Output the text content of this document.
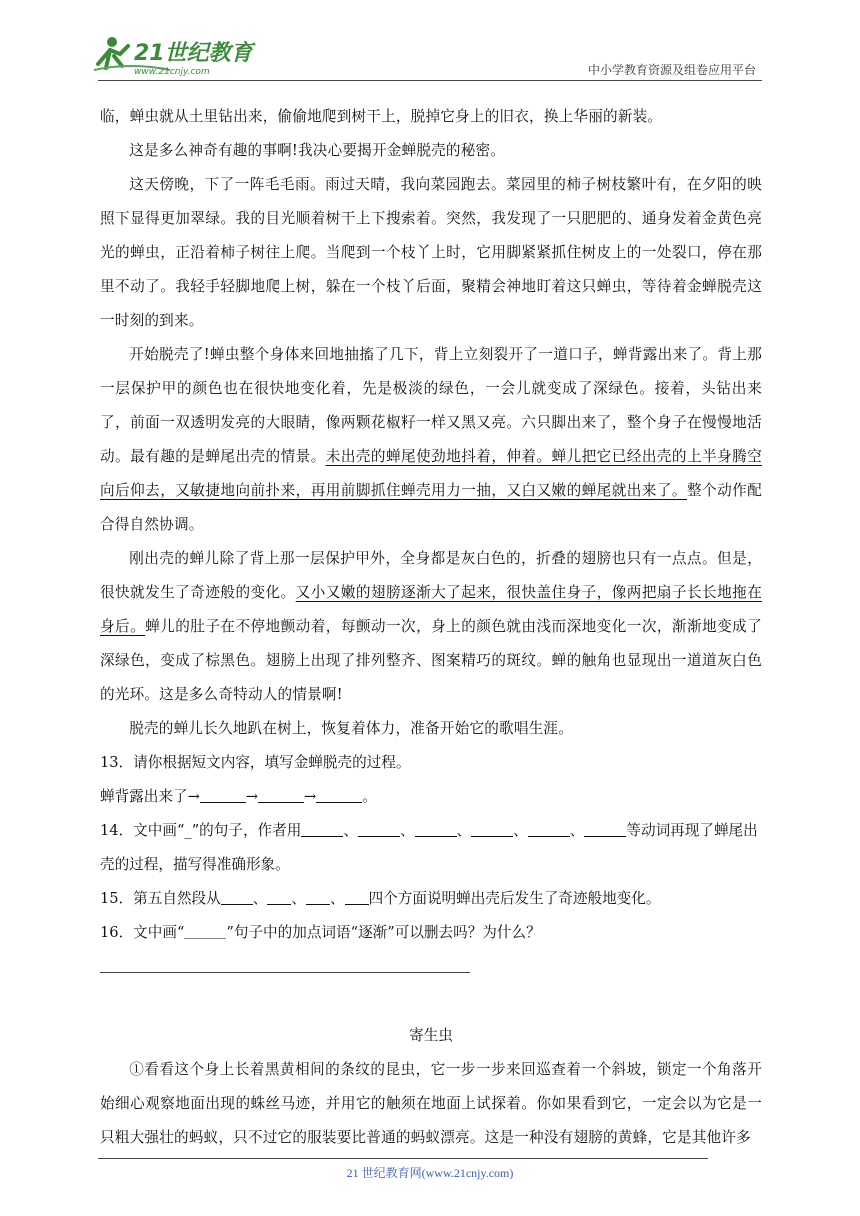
21世纪教育
www.21cnjy.com	中小学教育资源及组卷应用平台

临，蝉虫就从土里钻出来，偷偷地爬到树干上，脱掉它身上的旧衣，换上华丽的新装。

这是多么神奇有趣的事啊!我决心要揭开金蝉脱壳的秘密。

这天傍晚，下了一阵毛毛雨。雨过天晴，我向菜园跑去。菜园里的柿子树枝繁叶有，在夕阳的映照下显得更加翠绿。我的目光顺着树干上下搜索着。突然，我发现了一只肥肥的、通身发着金黄色亮光的蝉虫，正沿着柿子树往上爬。当爬到一个枝丫上时，它用脚紧紧抓住树皮上的一处裂口，停在那里不动了。我轻手轻脚地爬上树，躲在一个枝丫后面，聚精会神地盯着这只蝉虫，等待着金蝉脱壳这一时刻的到来。

开始脱壳了!蝉虫整个身体来回地抽搐了几下，背上立刻裂开了一道口子，蝉背露出来了。背上那一层保护甲的颜色也在很快地变化着，先是极淡的绿色，一会儿就变成了深绿色。接着，头钻出来了，前面一双透明发亮的大眼睛，像两颗花椒籽一样又黑又亮。六只脚出来了，整个身子在慢慢地活动。最有趣的是蝉尾出壳的情景。未出壳的蝉尾使劲地抖着，伸着。蝉儿把它已经出壳的上半身腾空向后仰去，又敏捷地向前扑来，再用前脚抓住蝉壳用力一抽，又白又嫩的蝉尾就出来了。整个动作配合得自然协调。

刚出壳的蝉儿除了背上那一层保护甲外，全身都是灰白色的，折叠的翅膀也只有一点点。但是，很快就发生了奇迹般的变化。又小又嫩的翅膀逐渐大了起来，很快盖住身子，像两把扇子长长地拖在身后。蝉儿的肚子在不停地颤动着，每颤动一次，身上的颜色就由浅而深地变化一次，渐渐地变成了深绿色，变成了棕黑色。翅膀上出现了排列整齐、图案精巧的斑纹。蝉的触角也显现出一道道灰白色的光环。这是多么奇特动人的情景啊!

脱壳的蝉儿长久地趴在树上，恢复着体力，准备开始它的歌唱生涯。

13．请你根据短文内容，填写金蝉脱壳的过程。

蝉背露出来了→	→	→	。

14．文中画“_”的句子，作者用	、	、	、	、	、	等动词再现了蝉尾出壳的过程，描写得准确形象。

15．第五自然段从 、 、 、 四个方面说明蝉出壳后发生了奇迹般地变化。

16．文中画“	”句子中的加点词语“逐渐”可以删去吗？为什么？

寄生虫

①看看这个身上长着黑黄相间的条纹的昆虫，它一步一步来回巡查着一个斜坡，锁定一个角落开始细心观察地面出现的蛛丝马迹，并用它的触须在地面上试探着。你如果看到它，一定会以为它是一只粗大强壮的蚂蚁，只不过它的服装要比普通的蚂蚁漂亮。这是一种没有翅膀的黄蜂，它是其他许多

21 世纪教育网(www.21cnjy.com)
